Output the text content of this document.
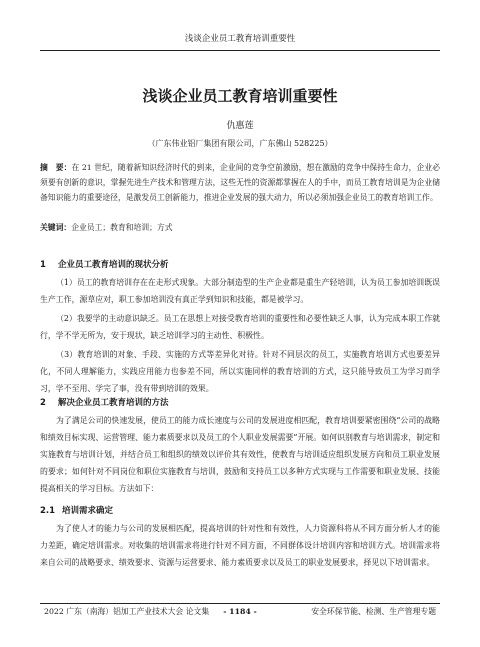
浅谈企业员工教育培训重要性
浅谈企业员工教育培训重要性
仇惠莲
（广东伟业铝厂集团有限公司，广东佛山 528225）
摘　要：在 21 世纪，随着新知识经济时代的到来，企业间的竞争空前激励，想在激励的竞争中保持生命力，企业必须要有创新的意识，掌握先进生产技术和管理方法，这些无性的资源都掌握在人的手中，而员工教育培训是为企业储备知识能力的重要途径，是激发员工创新能力，推进企业发展的强大动力，所以必须加强企业员工的教育培训工作。
关键词：企业员工；教育和培训；方式
1 企业员工教育培训的现状分析
（1）员工的教育培训存在在走形式现象。大部分制造型的生产企业都是重生产轻培训，认为员工参加培训既误生产工作，源草应对，职工参加培训没有真正学到知识和技能，都是被学习。
（2）我要学的主动意识缺乏。员工在思想上对接受教育培训的重要性和必要性缺乏人事，认为完成本职工作就行，学不学无所为，安于现状，缺乏培训学习的主动性、积极性。
（3）教育培训的对象、手段、实施的方式等差异化对待。针对不同层次的员工，实施教育培训方式也要差异化，不同人理解能力，实践应用能力也参差不同，所以实施同样的教育培训的方式，这只能导致员工为学习而学习，学不至用、学完了事，没有带到培训的效果。
2 解决企业员工教育培训的方法
为了满足公司的快速发展，使员工的能力成长速度与公司的发展进度相匹配，教育培训要紧密围绕“公司的战略和绩效目标实现、运营管理、能力素质要求以及员工的个人职业发展需要”开展。如何识别教育与培训需求，制定和实施教育与培训计划，并结合员工和组织的绩效以评价其有效性，使教育与培训适应组织发展方向和员工职业发展的要求；如何针对不同岗位和职位实施教育与培训，鼓励和支持员工以多种方式实现与工作需要和职业发展、技能提高相关的学习目标。方法如下：
2.1 培训需求确定
为了使人才的能力与公司的发展相匹配，提高培训的针对性和有效性，人力资源科将从不同方面分析人才的能力差距，确定培训需求。对收集的培训需求将进行针对不同方面，不同群体设计培训内容和培训方式。培训需求将来自公司的战略要求、绩效要求、资源与运营要求、能力素质要求以及员工的职业发展要求，择见以下培训需求。
2022 广东（南海）铝加工产业技术大会 论文集	- 1184 -	安全环保节能、检测、生产管理专题
